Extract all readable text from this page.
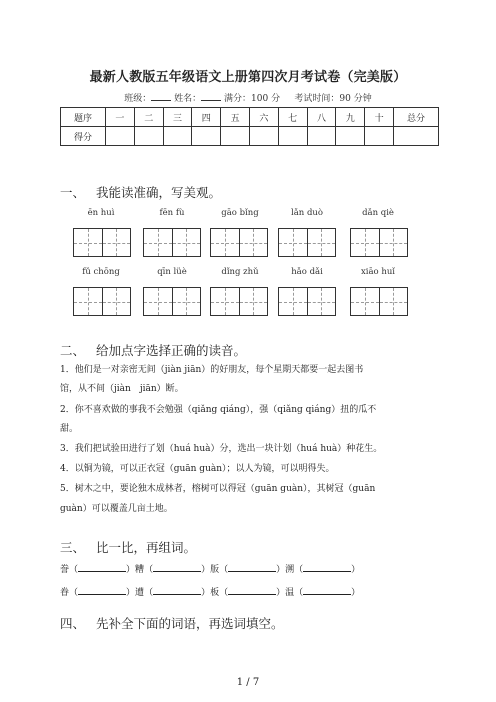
最新人教版五年级语文上册第四次月考试卷（完美版）
班级：	姓名：	满分：100 分 考试时间：90 分钟
题序	一	二	三	四	五	六	七	八	九	十	总分
得分											
一、 我能读准确，写美观。
ēn huì	fēn fù	gāo bǐng	lǎn duò	dǎn qiè
fǔ chōng	qīn lüè	dǐng zhǔ	hǎo dǎi	xiāo huǐ
二、 给加点字选择正确的读音。
1．他们是一对亲密无间（jiàn jiān）的好朋友，每个星期天都要一起去图书
馆，从不间（jiàn　jiān）断。
2．你不喜欢做的事我不会勉强（qiǎng qiáng），强（qiǎng qiáng）扭的瓜不
甜。
3．我们把试验田进行了划（huá huà）分，选出一块计划（huá huà）种花生。
4．以铜为镜，可以正衣冠（guān guàn）；以人为镜，可以明得失。
5．树木之中，要论独木成林者，榕树可以得冠（guān guàn），其树冠（guān
guàn）可以覆盖几亩土地。
三、 比一比，再组词。
誊（	）糟（	）版（	）溯（	）
眷（	）遭（	）板（	）温（	）
四、 先补全下面的词语，再选词填空。
1 / 7
